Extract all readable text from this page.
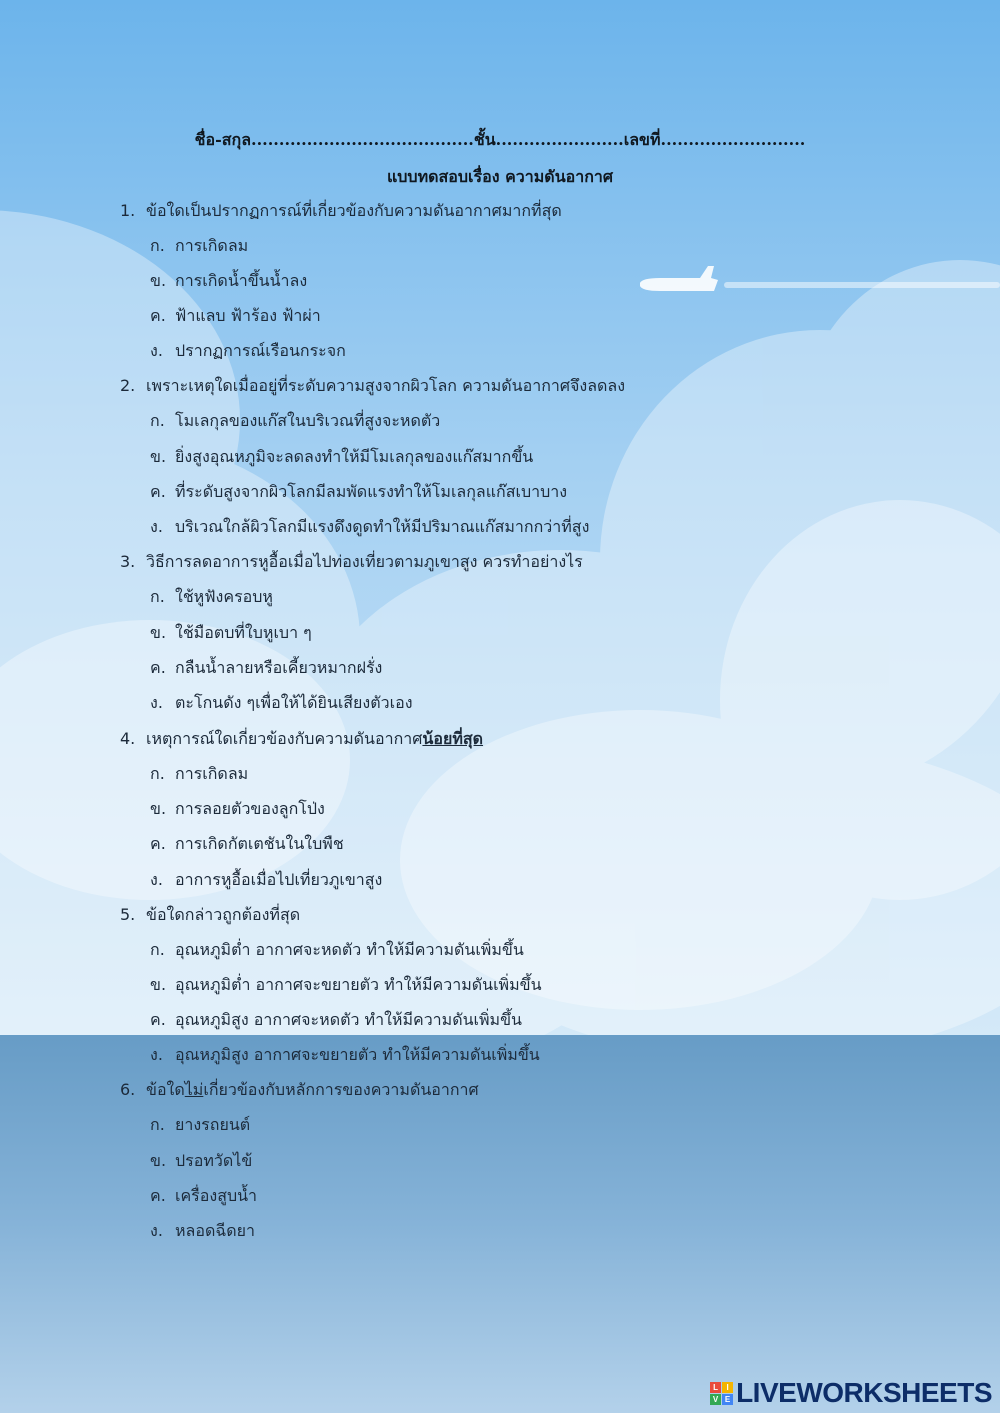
ชื่อ-สกุล........................................ชั้น.......................เลขที่..........................
แบบทดสอบเรื่อง ความดันอากาศ
1. ข้อใดเป็นปรากฏการณ์ที่เกี่ยวข้องกับความดันอากาศมากที่สุด
ก. การเกิดลม
ข. การเกิดน้ำขึ้นน้ำลง
ค. ฟ้าแลบ ฟ้าร้อง ฟ้าผ่า
ง. ปรากฏการณ์เรือนกระจก
2. เพราะเหตุใดเมื่ออยู่ที่ระดับความสูงจากผิวโลก ความดันอากาศจึงลดลง
ก. โมเลกุลของแก๊สในบริเวณที่สูงจะหดตัว
ข. ยิ่งสูงอุณหภูมิจะลดลงทำให้มีโมเลกุลของแก๊สมากขึ้น
ค. ที่ระดับสูงจากผิวโลกมีลมพัดแรงทำให้โมเลกุลแก๊สเบาบาง
ง. บริเวณใกล้ผิวโลกมีแรงดึงดูดทำให้มีปริมาณแก๊สมากกว่าที่สูง
3. วิธีการลดอาการหูอื้อเมื่อไปท่องเที่ยวตามภูเขาสูง ควรทำอย่างไร
ก. ใช้หูฟังครอบหู
ข. ใช้มือตบที่ใบหูเบา ๆ
ค. กลืนน้ำลายหรือเคี้ยวหมากฝรั่ง
ง. ตะโกนดัง ๆเพื่อให้ได้ยินเสียงตัวเอง
4. เหตุการณ์ใดเกี่ยวข้องกับความดันอากาศน้อยที่สุด
ก. การเกิดลม
ข. การลอยตัวของลูกโป่ง
ค. การเกิดกัตเตชันในใบพืช
ง. อาการหูอื้อเมื่อไปเที่ยวภูเขาสูง
5. ข้อใดกล่าวถูกต้องที่สุด
ก. อุณหภูมิต่ำ อากาศจะหดตัว ทำให้มีความดันเพิ่มขึ้น
ข. อุณหภูมิต่ำ อากาศจะขยายตัว ทำให้มีความดันเพิ่มขึ้น
ค. อุณหภูมิสูง อากาศจะหดตัว ทำให้มีความดันเพิ่มขึ้น
ง. อุณหภูมิสูง อากาศจะขยายตัว ทำให้มีความดันเพิ่มขึ้น
6. ข้อใดไม่เกี่ยวข้องกับหลักการของความดันอากาศ
ก. ยางรถยนต์
ข. ปรอทวัดไข้
ค. เครื่องสูบน้ำ
ง. หลอดฉีดยา
L	I
V E LIVEWORKSHEETS
